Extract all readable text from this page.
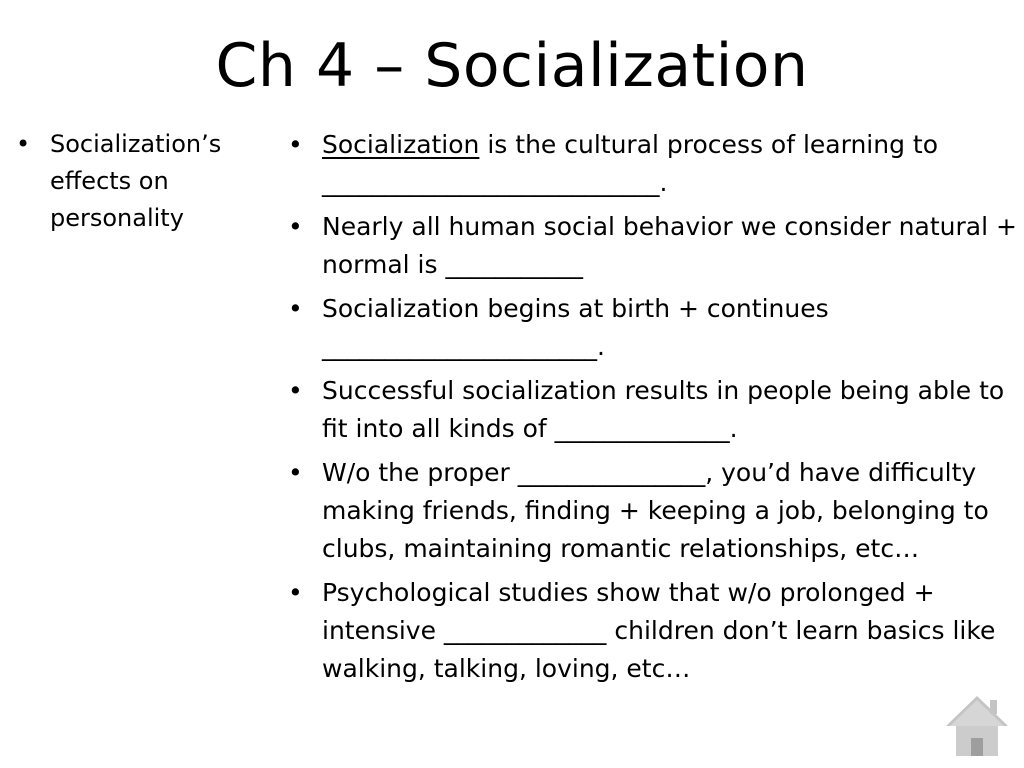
Ch 4 – Socialization
• Socialization’s effects on personality
• Socialization is the cultural process of learning to ___________________________.
• Nearly all human social behavior we consider natural + normal is ___________
• Socialization begins at birth + continues ______________________.
• Successful socialization results in people being able to fit into all kinds of ______________.
• W/o the proper _______________, you’d have difficulty making friends, finding + keeping a job, belonging to clubs, maintaining romantic relationships, etc…
• Psychological studies show that w/o prolonged + intensive _____________ children don’t learn basics like walking, talking, loving, etc…
